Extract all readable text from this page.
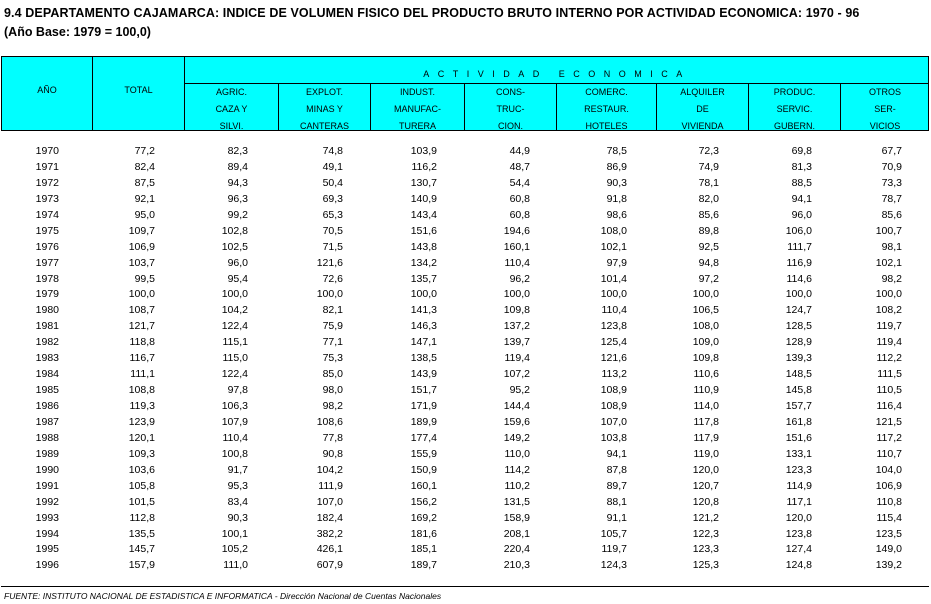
9.4 DEPARTAMENTO CAJAMARCA: INDICE DE VOLUMEN FISICO DEL PRODUCTO BRUTO INTERNO POR ACTIVIDAD ECONOMICA: 1970 - 96
(Año Base: 1979 = 100,0)
AÑO	TOTAL
ACTIVIDAD ECONOMICA
AGRIC.
CAZA Y
SILVI.
EXPLOT.
MINAS Y
CANTERAS
INDUST.
MANUFAC-
TURERA
CONS-
TRUC-
CION.
COMERC.
RESTAUR.
HOTELES
ALQUILER
DE
VIVIENDA
PRODUC.
SERVIC.
GUBERN.
OTROS
SER-
VICIOS
1970	77,2	82,3	74,8	103,9	44,9	78,5	72,3	69,8	67,7
1971	82,4	89,4	49,1	116,2	48,7	86,9	74,9	81,3	70,9
1972	87,5	94,3	50,4	130,7	54,4	90,3	78,1	88,5	73,3
1973	92,1	96,3	69,3	140,9	60,8	91,8	82,0	94,1	78,7
1974	95,0	99,2	65,3	143,4	60,8	98,6	85,6	96,0	85,6
1975	109,7	102,8	70,5	151,6	194,6	108,0	89,8	106,0	100,7
1976	106,9	102,5	71,5	143,8	160,1	102,1	92,5	111,7	98,1
1977	103,7	96,0	121,6	134,2	110,4	97,9	94,8	116,9	102,1
1978	99,5	95,4	72,6	135,7	96,2	101,4	97,2	114,6	98,2
1979	100,0	100,0	100,0	100,0	100,0	100,0	100,0	100,0	100,0
1980	108,7	104,2	82,1	141,3	109,8	110,4	106,5	124,7	108,2
1981	121,7	122,4	75,9	146,3	137,2	123,8	108,0	128,5	119,7
1982	118,8	115,1	77,1	147,1	139,7	125,4	109,0	128,9	119,4
1983	116,7	115,0	75,3	138,5	119,4	121,6	109,8	139,3	112,2
1984	111,1	122,4	85,0	143,9	107,2	113,2	110,6	148,5	111,5
1985	108,8	97,8	98,0	151,7	95,2	108,9	110,9	145,8	110,5
1986	119,3	106,3	98,2	171,9	144,4	108,9	114,0	157,7	116,4
1987	123,9	107,9	108,6	189,9	159,6	107,0	117,8	161,8	121,5
1988	120,1	110,4	77,8	177,4	149,2	103,8	117,9	151,6	117,2
1989	109,3	100,8	90,8	155,9	110,0	94,1	119,0	133,1	110,7
1990	103,6	91,7	104,2	150,9	114,2	87,8	120,0	123,3	104,0
1991	105,8	95,3	111,9	160,1	110,2	89,7	120,7	114,9	106,9
1992	101,5	83,4	107,0	156,2	131,5	88,1	120,8	117,1	110,8
1993	112,8	90,3	182,4	169,2	158,9	91,1	121,2	120,0	115,4
1994	135,5	100,1	382,2	181,6	208,1	105,7	122,3	123,8	123,5
1995	145,7	105,2	426,1	185,1	220,4	119,7	123,3	127,4	149,0
1996	157,9	111,0	607,9	189,7	210,3	124,3	125,3	124,8	139,2
FUENTE: INSTITUTO NACIONAL DE ESTADISTICA E INFORMATICA - Dirección Nacional de Cuentas Nacionales
